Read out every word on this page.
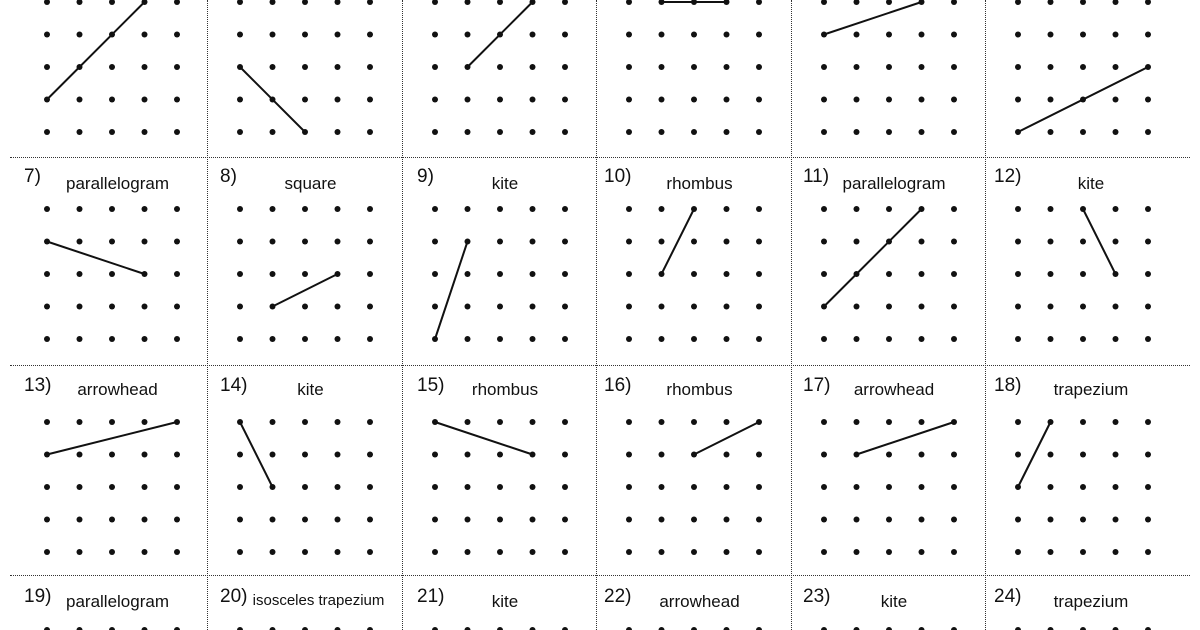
7) parallelogram	8)	square	9)	kite	10) rhombus	11) parallelogram	12)	kite
13) arrowhead	14)	kite	15) rhombus	16) rhombus	17) arrowhead	18) trapezium
19) parallelogram	20) isosceles trapezium 21)	kite	22) arrowhead	23)	kite	24) trapezium
